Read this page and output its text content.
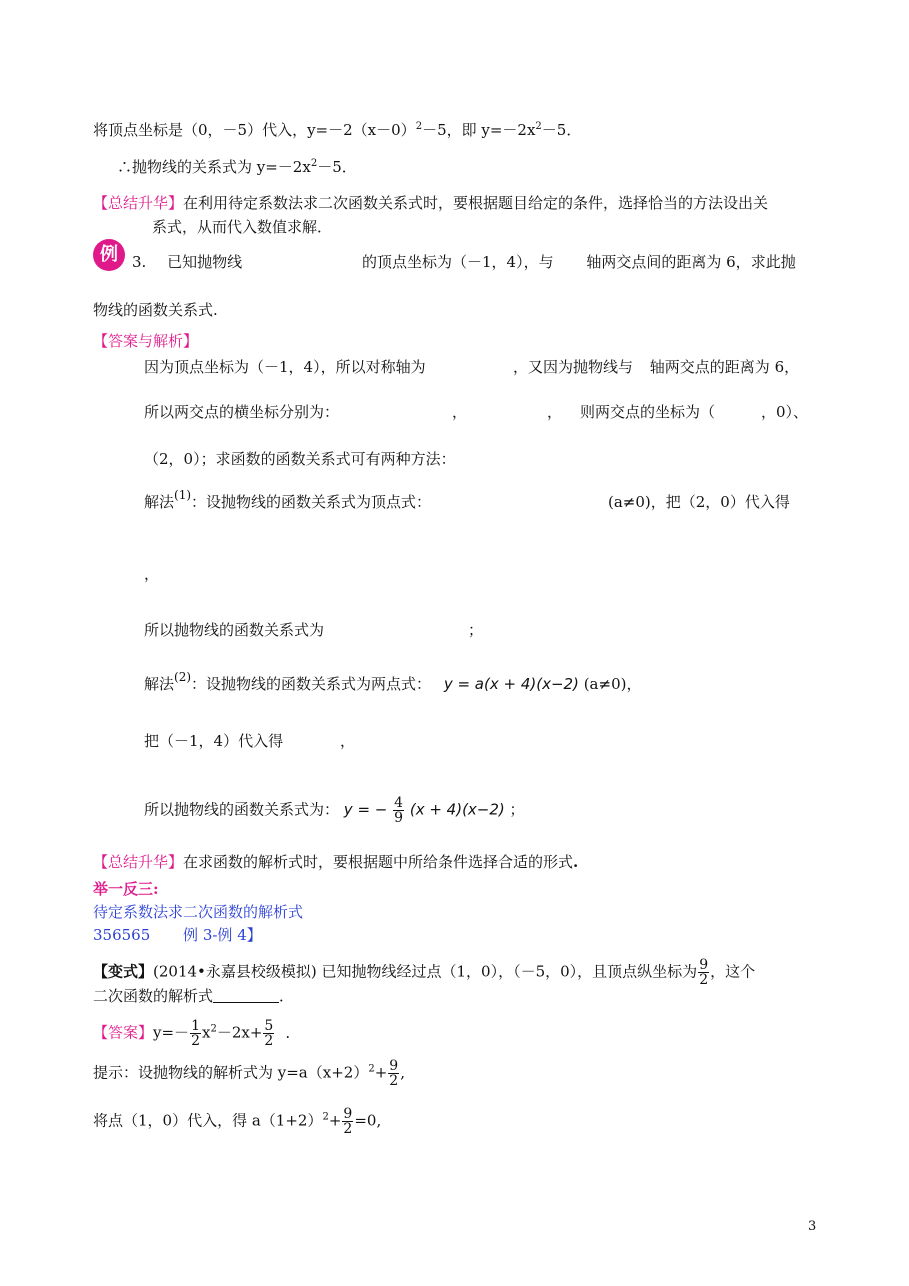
将顶点坐标是（0，－5）代入，$y=-2(x-0)^2-5$，即 $y=-2x^2-5$．
∴抛物线的关系式为 $y=-2x^2-5$．
【总结升华】在利用待定系数法求二次函数关系式时，要根据题目给定的条件，选择恰当的方法设出关
系式，从而代入数值求解．
例 3. 已知抛物线	的顶点坐标为（－1，4），与 轴两交点间的距离为 6，求此抛
物线的函数关系式.
【答案与解析】
因为顶点坐标为（－1，4），所以对称轴为	，又因为抛物线与 轴两交点的距离为 6，
所以两交点的横坐标分别为：	，	， 则两交点的坐标为（	，0）、
（2，0）；求函数的函数关系式可有两种方法：
解法$^{(1)}$：设抛物线的函数关系式为顶点式：	(a≠0)，把（2，0）代入得
，
所以抛物线的函数关系式为	；
解法$^{(2)}$：设抛物线的函数关系式为两点式： y = a(x + 4)(x−2) (a≠0)，
把（－1，4）代入得	，
所以抛物线的函数关系式为： y = − $\frac{4}{9} (x + 4)(x-2)$ ；
【总结升华】在求函数的解析式时，要根据题中所给条件选择合适的形式.
举一反三:
待定系数法求二次函数的解析式
356565 例 3-例 4】
【变式】(2014•永嘉县校级模拟) 已知抛物线经过点（1，0），（－5，0），且顶点纵坐标为 $\frac{9}{2}$ ，这个
二次函数的解析式	．
【答案】$y=- \frac{1}{2} x^2-2x+ \frac{5}{2}$ .
提示：设抛物线的解析式为 $y=a(x+2)^2+ \frac{9}{2}$ ,
将点（1，0）代入，得 $a(1+2)^2+ \frac{9}{2} =0$,
3
